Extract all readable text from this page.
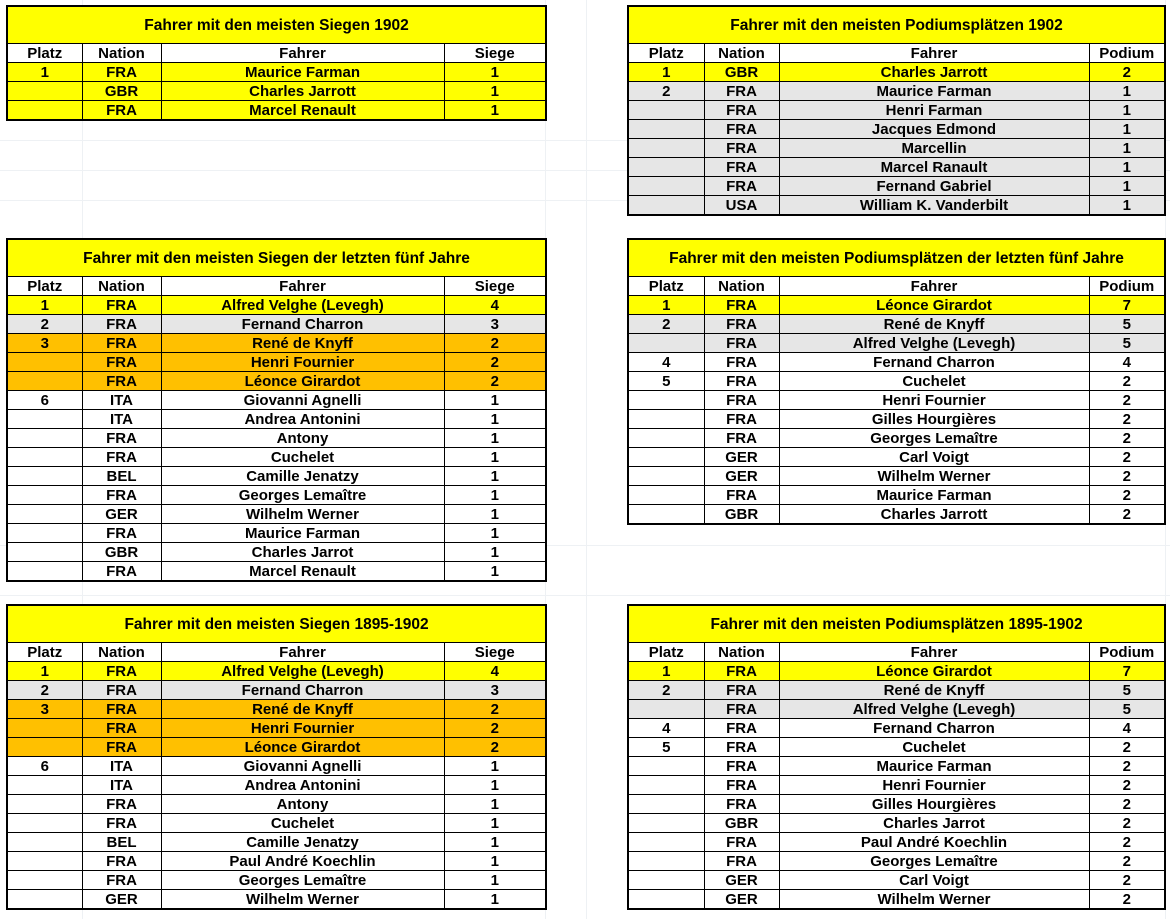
Fahrer mit den meisten Siegen 1902			
Platz	Nation	Fahrer	Siege
1	FRA	Maurice Farman	1
	GBR	Charles Jarrott	1
	FRA	Marcel Renault	1
Fahrer mit den meisten Podiumsplätzen 1902			
Platz	Nation	Fahrer	Podium
1	GBR	Charles Jarrott	2
2	FRA	Maurice Farman	1
	FRA	Henri Farman	1
	FRA	Jacques Edmond	1
	FRA	Marcellin	1
	FRA	Marcel Ranault	1
	FRA	Fernand Gabriel	1
	USA	William K. Vanderbilt	1
Fahrer mit den meisten Siegen der letzten fünf Jahre			
Platz	Nation	Fahrer	Siege
1	FRA	Alfred Velghe (Levegh)	4
2	FRA	Fernand Charron	3
3	FRA	René de Knyff	2
	FRA	Henri Fournier	2
	FRA	Léonce Girardot	2
6	ITA	Giovanni Agnelli	1
	ITA	Andrea Antonini	1
	FRA	Antony	1
	FRA	Cuchelet	1
	BEL	Camille Jenatzy	1
	FRA	Georges Lemaître	1
	GER	Wilhelm Werner	1
	FRA	Maurice Farman	1
	GBR	Charles Jarrot	1
	FRA	Marcel Renault	1
Fahrer mit den meisten Podiumsplätzen der letzten fünf Jahre			
Platz	Nation	Fahrer	Podium
1	FRA	Léonce Girardot	7
2	FRA	René de Knyff	5
	FRA	Alfred Velghe (Levegh)	5
4	FRA	Fernand Charron	4
5	FRA	Cuchelet	2
	FRA	Henri Fournier	2
	FRA	Gilles Hourgières	2
	FRA	Georges Lemaître	2
	GER	Carl Voigt	2
	GER	Wilhelm Werner	2
	FRA	Maurice Farman	2
	GBR	Charles Jarrott	2
Fahrer mit den meisten Siegen 1895-1902			
Platz	Nation	Fahrer	Siege
1	FRA	Alfred Velghe (Levegh)	4
2	FRA	Fernand Charron	3
3	FRA	René de Knyff	2
	FRA	Henri Fournier	2
	FRA	Léonce Girardot	2
6	ITA	Giovanni Agnelli	1
	ITA	Andrea Antonini	1
	FRA	Antony	1
	FRA	Cuchelet	1
	BEL	Camille Jenatzy	1
	FRA	Paul André Koechlin	1
	FRA	Georges Lemaître	1
	GER	Wilhelm Werner	1
Fahrer mit den meisten Podiumsplätzen 1895-1902			
Platz	Nation	Fahrer	Podium
1	FRA	Léonce Girardot	7
2	FRA	René de Knyff	5
	FRA	Alfred Velghe (Levegh)	5
4	FRA	Fernand Charron	4
5	FRA	Cuchelet	2
	FRA	Maurice Farman	2
	FRA	Henri Fournier	2
	FRA	Gilles Hourgières	2
	GBR	Charles Jarrot	2
	FRA	Paul André Koechlin	2
	FRA	Georges Lemaître	2
	GER	Carl Voigt	2
	GER	Wilhelm Werner	2
